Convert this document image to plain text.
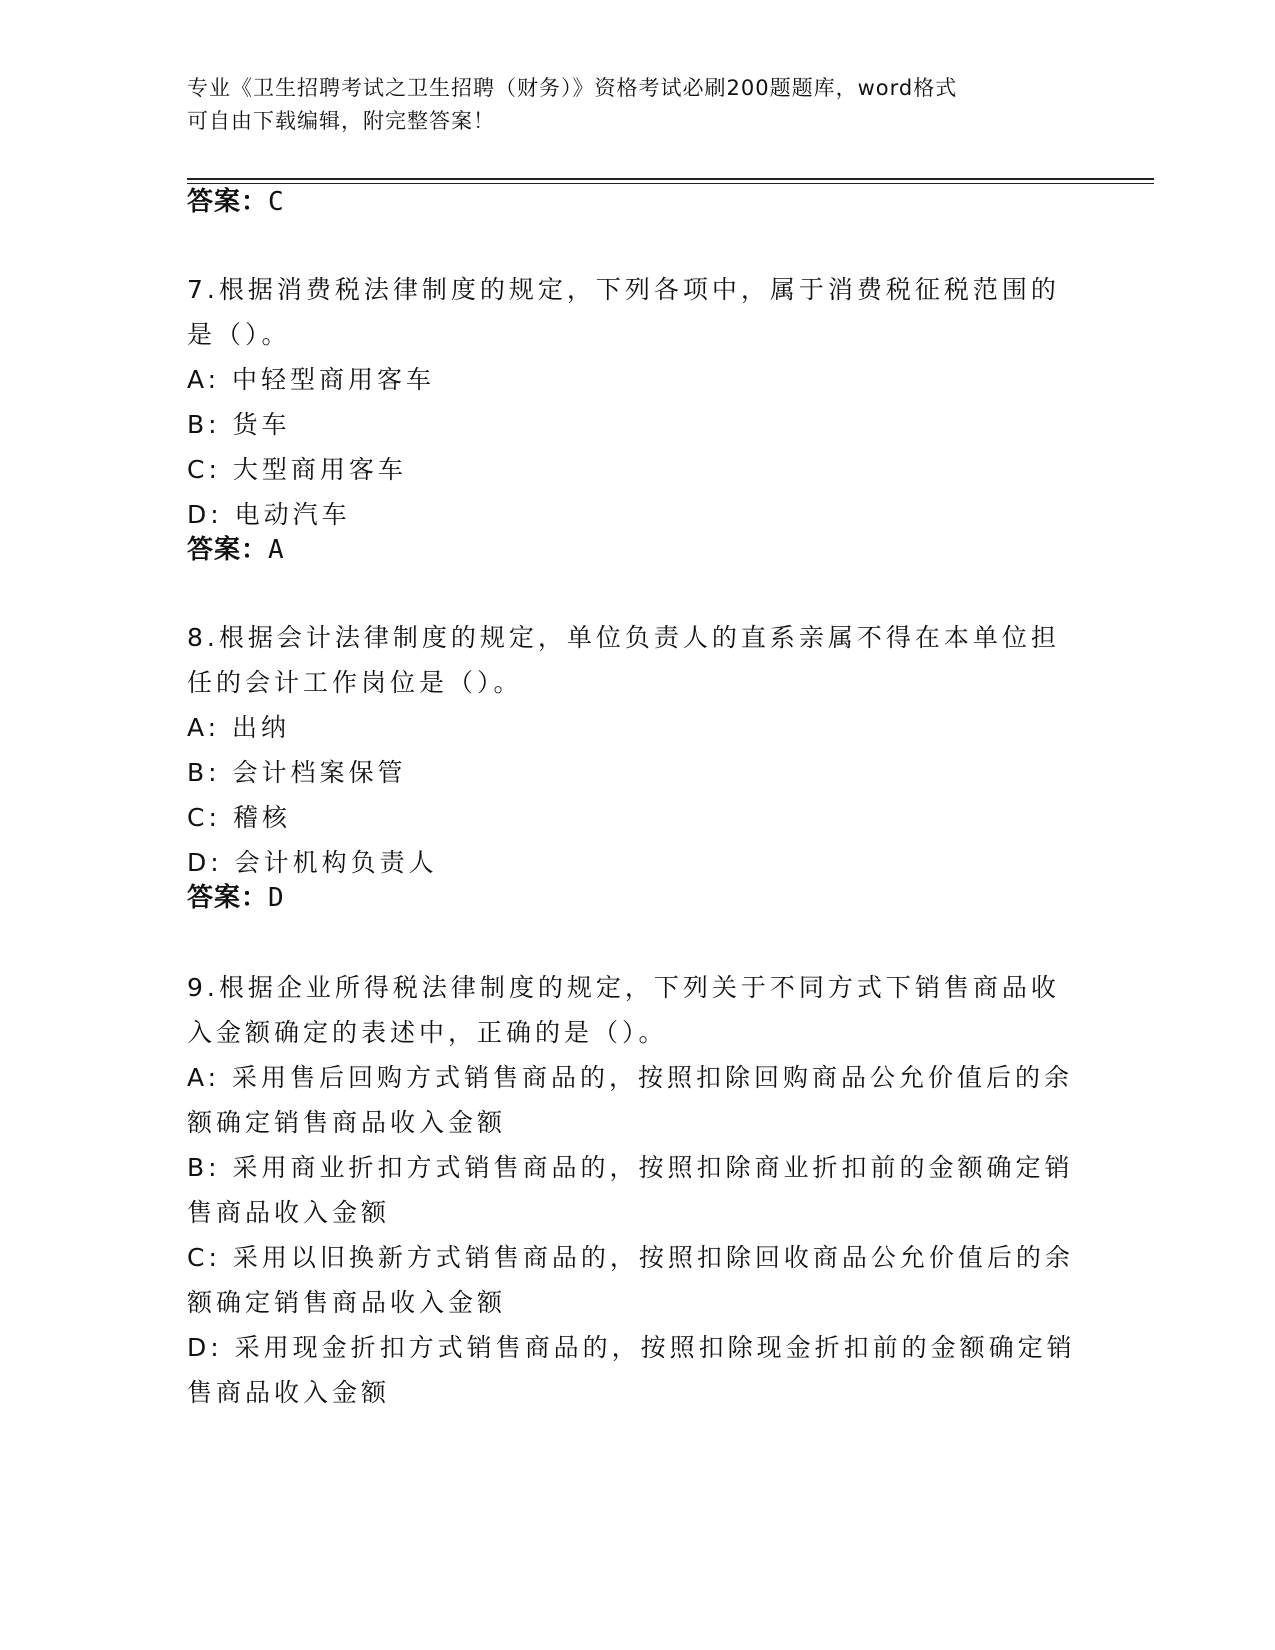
专业《卫生招聘考试之卫生招聘（财务）》资格考试必刷200题题库，word格式
可自由下载编辑，附完整答案！
答案：C
7.根据消费税法律制度的规定，下列各项中，属于消费税征税范围的
是（）。
A: 中轻型商用客车
B: 货车
C: 大型商用客车
D: 电动汽车
答案：A
8.根据会计法律制度的规定，单位负责人的直系亲属不得在本单位担
任的会计工作岗位是（）。
A: 出纳
B: 会计档案保管
C: 稽核
D: 会计机构负责人
答案：D
9.根据企业所得税法律制度的规定，下列关于不同方式下销售商品收
入金额确定的表述中，正确的是（）。
A: 采用售后回购方式销售商品的，按照扣除回购商品公允价值后的余
额确定销售商品收入金额
B: 采用商业折扣方式销售商品的，按照扣除商业折扣前的金额确定销
售商品收入金额
C: 采用以旧换新方式销售商品的，按照扣除回收商品公允价值后的余
额确定销售商品收入金额
D: 采用现金折扣方式销售商品的，按照扣除现金折扣前的金额确定销
售商品收入金额
